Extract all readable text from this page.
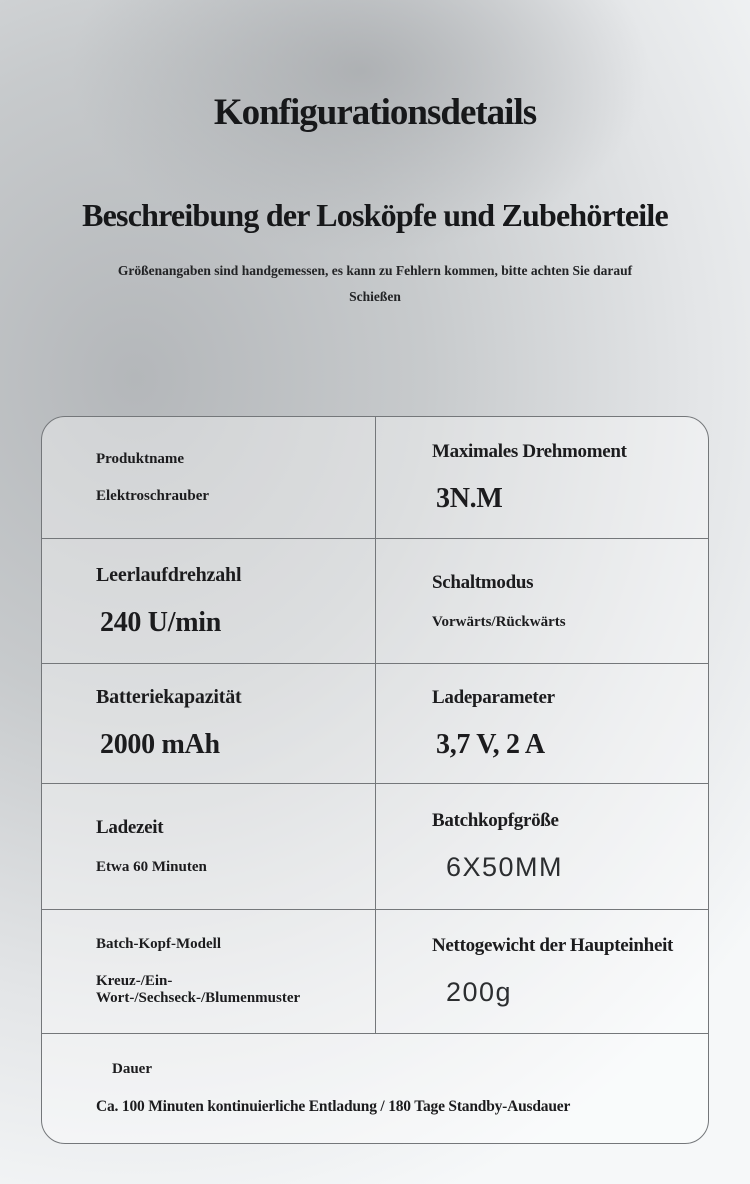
Konfigurationsdetails
Beschreibung der Losköpfe und Zubehörteile

Größenangaben sind handgemessen, es kann zu Fehlern kommen, bitte achten Sie darauf
Schießen

Produktname
Elektroschrauber
Maximales Drehmoment
3N.M
Leerlaufdrehzahl
240 U/min
Schaltmodus
Vorwärts/Rückwärts
Batteriekapazität
2000 mAh
Ladeparameter
3,7 V, 2 A
Ladezeit
Etwa 60 Minuten
Batchkopfgröße
6X50MM
Batch-Kopf-Modell
Kreuz-/Ein-Wort-/Sechseck-/Blumenmuster
Nettogewicht der Haupteinheit
200g
Dauer
Ca. 100 Minuten kontinuierliche Entladung / 180 Tage Standby-Ausdauer
